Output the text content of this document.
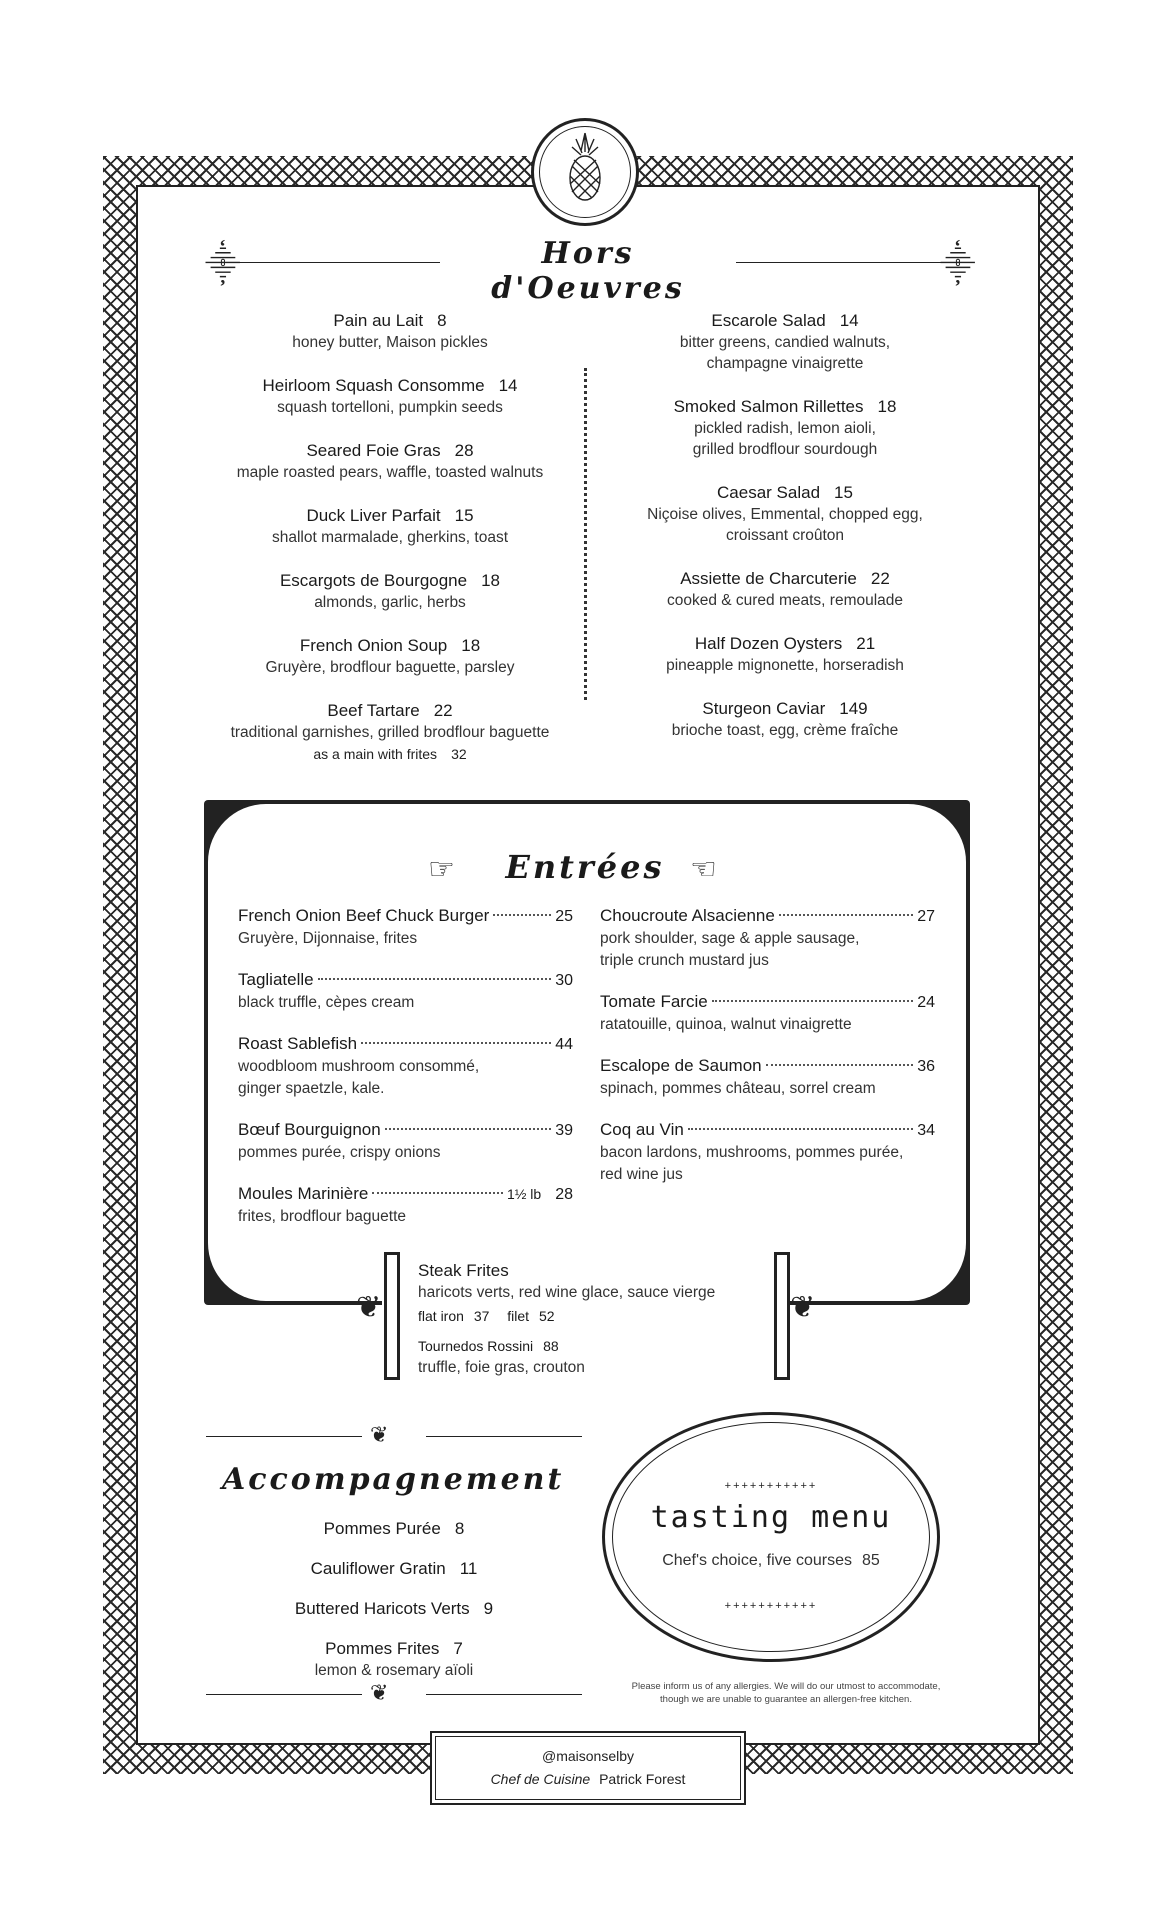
⸎	⸎
Hors d'Oeuvres
Pain au Lait 8
honey butter, Maison pickles
Heirloom Squash Consomme 14
squash tortelloni, pumpkin seeds
Seared Foie Gras 28
maple roasted pears, waffle, toasted walnuts
Duck Liver Parfait 15
shallot marmalade, gherkins, toast
Escargots de Bourgogne 18
almonds, garlic, herbs
French Onion Soup 18
Gruyère, brodflour baguette, parsley
Beef Tartare 22
traditional garnishes, grilled brodflour baguette
as a main with frites 32
Escarole Salad 14
bitter greens, candied walnuts,
champagne vinaigrette
Smoked Salmon Rillettes 18
pickled radish, lemon aioli,
grilled brodflour sourdough
Caesar Salad 15
Niçoise olives, Emmental, chopped egg,
croissant croûton
Assiette de Charcuterie 22
cooked & cured meats, remoulade
Half Dozen Oysters 21
pineapple mignonette, horseradish
Sturgeon Caviar 149
brioche toast, egg, crème fraîche
☞	☜
Entrées
French Onion Beef Chuck Burger	25
Gruyère, Dijonnaise, frites
Tagliatelle	30
black truffle, cèpes cream
Roast Sablefish	44
woodbloom mushroom consommé,
ginger spaetzle, kale.
Bœuf Bourguignon	39
pommes purée, crispy onions
Moules Marinière	1½ lb 28
frites, brodflour baguette
Choucroute Alsacienne	27
pork shoulder, sage & apple sausage,
triple crunch mustard jus
Tomate Farcie	24
ratatouille, quinoa, walnut vinaigrette
Escalope de Saumon	36
spinach, pommes château, sorrel cream
Coq au Vin	34
bacon lardons, mushrooms, pommes purée,
red wine jus
❦	❦
Steak Frites
haricots verts, red wine glace, sauce vierge
flat iron 37 filet 52
Tournedos Rossini 88
truffle, foie gras, crouton
❦
Accompagnement
Pommes Purée 8
Cauliflower Gratin 11
Buttered Haricots Verts 9
Pommes Frites 7
lemon & rosemary aïoli
❦
+++++++++++
tasting menu
Chef's choice, five courses 85
+++++++++++
Please inform us of any allergies. We will do our utmost to accommodate,
though we are unable to guarantee an allergen-free kitchen.
@maisonselby
Chef de Cuisine Patrick Forest
